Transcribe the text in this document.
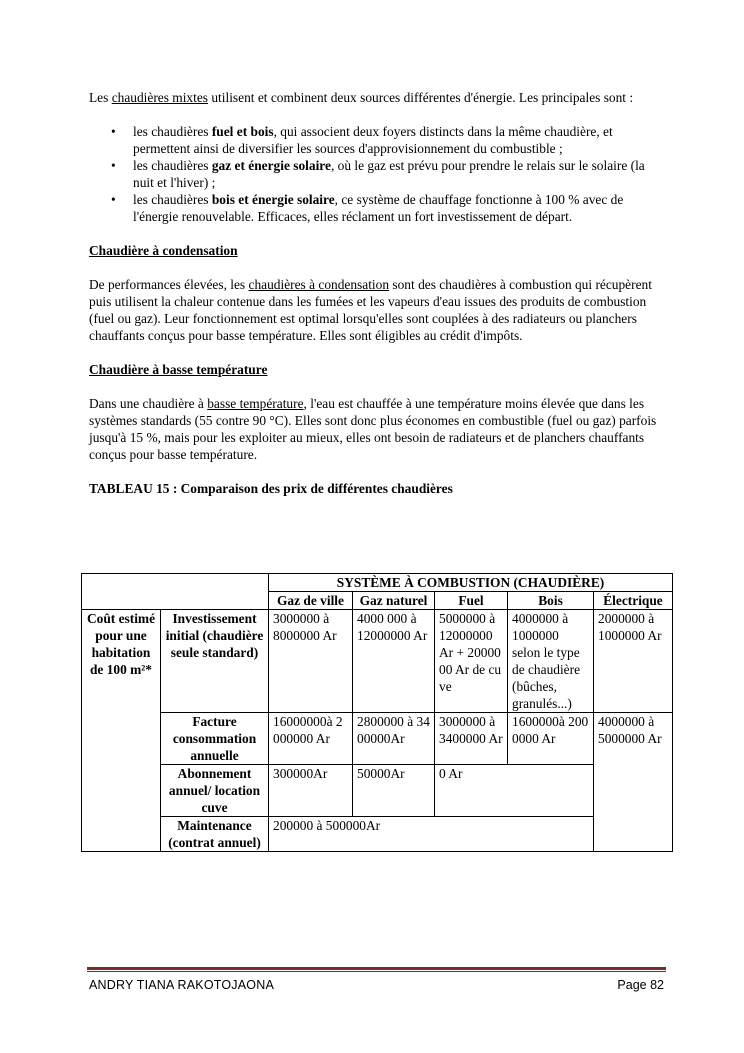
Les chaudières mixtes utilisent et combinent deux sources différentes d'énergie. Les principales sont :

• les chaudières fuel et bois, qui associent deux foyers distincts dans la même chaudière, et permettent ainsi de diversifier les sources d'approvisionnement du combustible ;
• les chaudières gaz et énergie solaire, où le gaz est prévu pour prendre le relais sur le solaire (la nuit et l'hiver) ;
• les chaudières bois et énergie solaire, ce système de chauffage fonctionne à 100 % avec de l'énergie renouvelable. Efficaces, elles réclament un fort investissement de départ.
Chaudière à condensation

De performances élevées, les chaudières à condensation sont des chaudières à combustion qui récupèrent puis utilisent la chaleur contenue dans les fumées et les vapeurs d'eau issues des produits de combustion (fuel ou gaz). Leur fonctionnement est optimal lorsqu'elles sont couplées à des radiateurs ou planchers chauffants conçus pour basse température. Elles sont éligibles au crédit d'impôts.

Chaudière à basse température

Dans une chaudière à basse température, l'eau est chauffée à une température moins élevée que dans les systèmes standards (55 contre 90 °C). Elles sont donc plus économes en combustible (fuel ou gaz) parfois jusqu'à 15 %, mais pour les exploiter au mieux, elles ont besoin de radiateurs et de planchers chauffants conçus pour basse température.

TABLEAU 15 : Comparaison des prix de différentes chaudières

		SYSTÈME À COMBUSTION (CHAUDIÈRE)				
		Gaz de ville	Gaz naturel	Fuel	Bois	Électrique
Coût estimé pour une habitation de 100 m²*	Investissement initial (chaudière seule standard)	3000000 à 8000000 Ar	4000 000 à 12000000 Ar	5000000 à 12000000 Ar + 2000000 Ar de cuve	4000000 à 1000000 selon le type de chaudière (bûches, granulés...)	2000000 à 1000000 Ar
	Facture consommation annuelle	16000000à 2000000 Ar	2800000 à 3400000Ar	3000000 à 3400000 Ar	1600000à 2000000 Ar	4000000 à 5000000 Ar
	Abonnement annuel/ location cuve	300000Ar	50000Ar	0 Ar		
	Maintenance (contrat annuel)	200000 à 500000Ar				
ANDRY TIANA RAKOTOJAONA	Page 82
